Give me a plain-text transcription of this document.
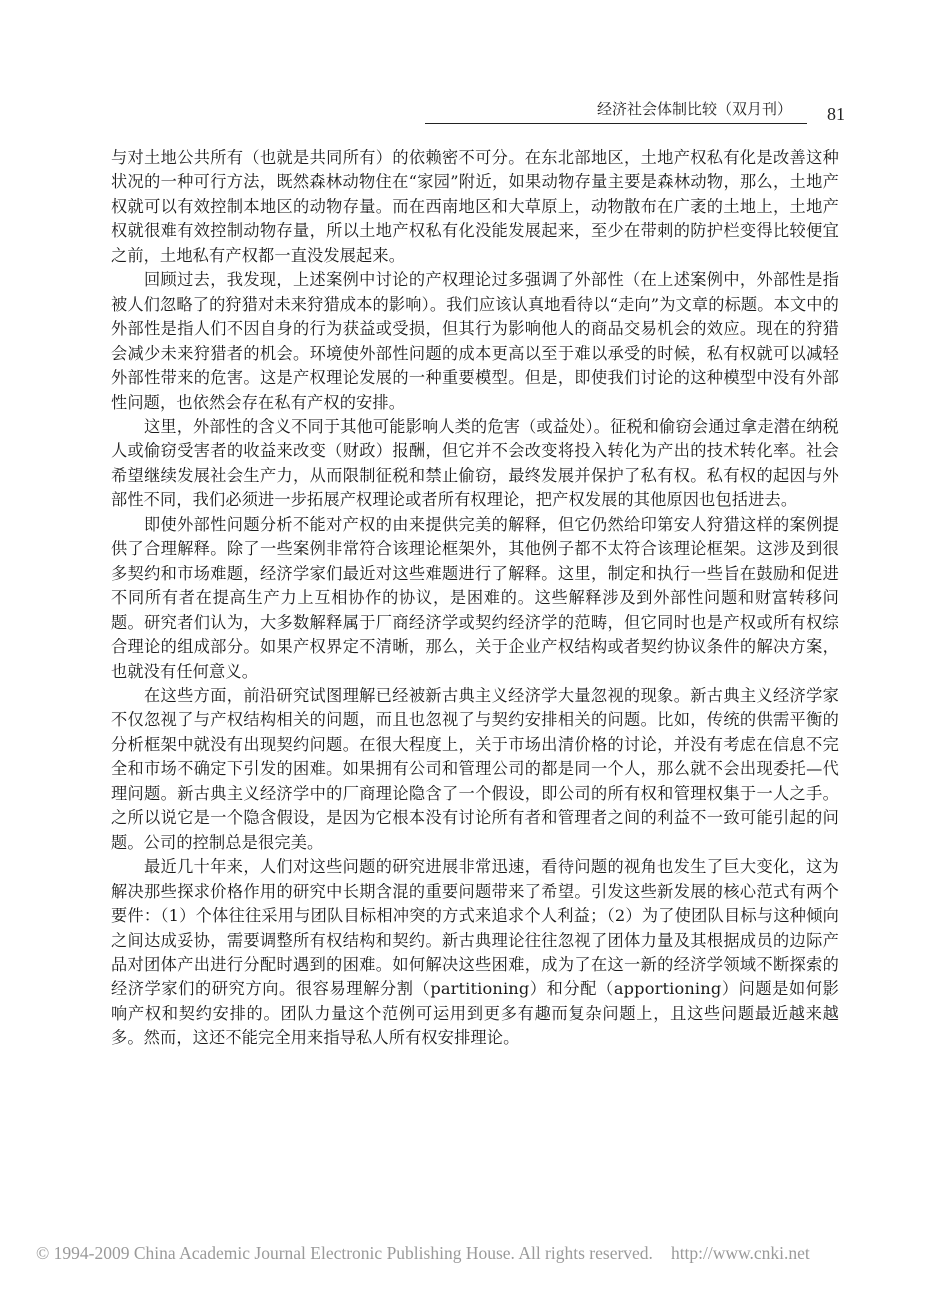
经济社会体制比较（双月刊） 81

与对土地公共所有（也就是共同所有）的依赖密不可分。在东北部地区，土地产权私有化是改善这种状况的一种可行方法，既然森林动物住在“家园”附近，如果动物存量主要是森林动物，那么，土地产权就可以有效控制本地区的动物存量。而在西南地区和大草原上，动物散布在广袤的土地上，土地产权就很难有效控制动物存量，所以土地产权私有化没能发展起来，至少在带刺的防护栏变得比较便宜之前，土地私有产权都一直没发展起来。

回顾过去，我发现，上述案例中讨论的产权理论过多强调了外部性（在上述案例中，外部性是指被人们忽略了的狩猎对未来狩猎成本的影响）。我们应该认真地看待以“走向”为文章的标题。本文中的外部性是指人们不因自身的行为获益或受损，但其行为影响他人的商品交易机会的效应。现在的狩猎会减少未来狩猎者的机会。环境使外部性问题的成本更高以至于难以承受的时候，私有权就可以减轻外部性带来的危害。这是产权理论发展的一种重要模型。但是，即使我们讨论的这种模型中没有外部性问题，也依然会存在私有产权的安排。

这里，外部性的含义不同于其他可能影响人类的危害（或益处）。征税和偷窃会通过拿走潜在纳税人或偷窃受害者的收益来改变（财政）报酬，但它并不会改变将投入转化为产出的技术转化率。社会希望继续发展社会生产力，从而限制征税和禁止偷窃，最终发展并保护了私有权。私有权的起因与外部性不同，我们必须进一步拓展产权理论或者所有权理论，把产权发展的其他原因也包括进去。

即使外部性问题分析不能对产权的由来提供完美的解释，但它仍然给印第安人狩猎这样的案例提供了合理解释。除了一些案例非常符合该理论框架外，其他例子都不太符合该理论框架。这涉及到很多契约和市场难题，经济学家们最近对这些难题进行了解释。这里，制定和执行一些旨在鼓励和促进不同所有者在提高生产力上互相协作的协议，是困难的。这些解释涉及到外部性问题和财富转移问题。研究者们认为，大多数解释属于厂商经济学或契约经济学的范畴，但它同时也是产权或所有权综合理论的组成部分。如果产权界定不清晰，那么，关于企业产权结构或者契约协议条件的解决方案，也就没有任何意义。

在这些方面，前沿研究试图理解已经被新古典主义经济学大量忽视的现象。新古典主义经济学家不仅忽视了与产权结构相关的问题，而且也忽视了与契约安排相关的问题。比如，传统的供需平衡的分析框架中就没有出现契约问题。在很大程度上，关于市场出清价格的讨论，并没有考虑在信息不完全和市场不确定下引发的困难。如果拥有公司和管理公司的都是同一个人，那么就不会出现委托—代理问题。新古典主义经济学中的厂商理论隐含了一个假设，即公司的所有权和管理权集于一人之手。之所以说它是一个隐含假设，是因为它根本没有讨论所有者和管理者之间的利益不一致可能引起的问题。公司的控制总是很完美。

最近几十年来，人们对这些问题的研究进展非常迅速，看待问题的视角也发生了巨大变化，这为解决那些探求价格作用的研究中长期含混的重要问题带来了希望。引发这些新发展的核心范式有两个要件：（1）个体往往采用与团队目标相冲突的方式来追求个人利益；（2）为了使团队目标与这种倾向之间达成妥协，需要调整所有权结构和契约。新古典理论往往忽视了团体力量及其根据成员的边际产品对团体产出进行分配时遇到的困难。如何解决这些困难，成为了在这一新的经济学领域不断探索的经济学家们的研究方向。很容易理解分割（partitioning）和分配（apportioning）问题是如何影响产权和契约安排的。团队力量这个范例可运用到更多有趣而复杂问题上，且这些问题最近越来越多。然而，这还不能完全用来指导私人所有权安排理论。

© 1994-2009 China Academic Journal Electronic Publishing House. All rights reserved. http://www.cnki.net
